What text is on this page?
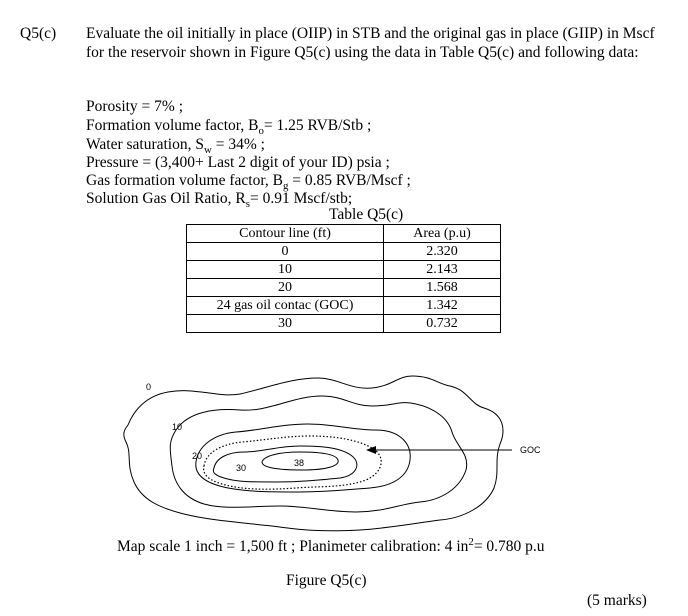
Q5(c) Evaluate the oil initially in place (OIIP) in STB and the original gas in place (GIIP) in Mscf for the reservoir shown in Figure Q5(c) using the data in Table Q5(c) and following data:
Porosity = 7% ;
Formation volume factor, $B_o= 1.25$ RVB/Stb ;
Water saturation, $S_w = 34\%$ ;
Pressure = (3,400+ Last 2 digit of your ID) psia ;
Gas formation volume factor, $B_g = 0.85$ RVB/Mscf ;
Solution Gas Oil Ratio, $R_s= 0.91$ Mscf/stb;
Table Q5(c)
Contour line (ft)	Area (p.u)
0	2.320
10	2.143
20	1.568
24 gas oil contac (GOC)	1.342
30	0.732
0
10
20
30	38
GOC
Map scale 1 inch = 1,500 ft ; Planimeter calibration: 4 $in^2= 0.780$ p.u
Figure Q5(c)
(5 marks)
